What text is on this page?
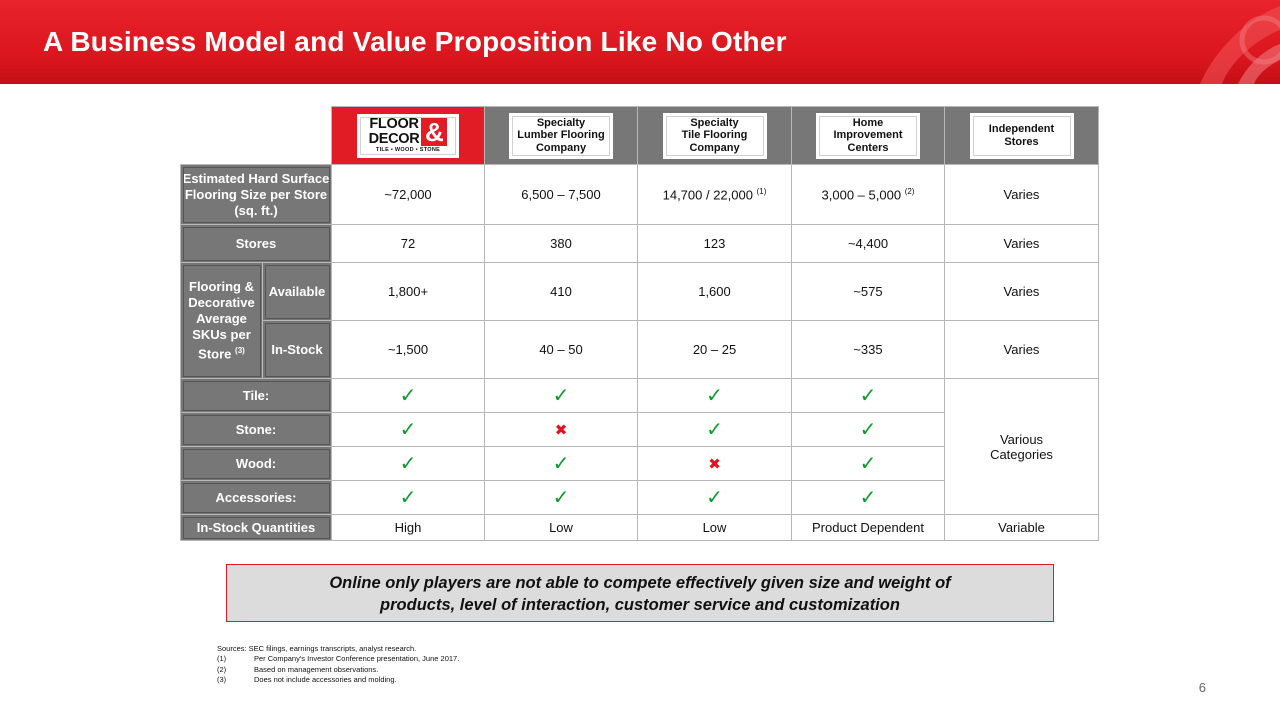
A Business Model and Value Proposition Like No Other

		FLOOR
DECOR &
TILE • WOOD • STONE	Specialty
Lumber Flooring
Company	Specialty
Tile Flooring
Company	Home
Improvement
Centers	Independent
Stores

Estimated Hard Surface
Flooring Size per Store
(sq. ft.)		~72,000	6,500 – 7,500	14,700 / 22,000 $^{(1)}$	3,000 – 5,000 $^{(2)}$	Varies
Stores		72	380	123	~4,400	Varies

Flooring &
Decorative
Average
SKUs per
Store $^{(3)}$	Available	1,800+	410	1,600	~575	Varies
	In-Stock	~1,500	40 – 50	20 – 25	~335	Varies
Tile:		✓	✓	✓	✓	Various
Categories

Stone:		✓	✖	✓	✓	
Wood:		✓	✓	✖	✓	
Accessories:		✓	✓	✓	✓	
In-Stock Quantities		High	Low	Low	Product Dependent	Variable
Online only players are not able to compete effectively given size and weight of
products, level of interaction, customer service and customization
Sources: SEC filings, earnings transcripts, analyst research.
(1)	Per Company's Investor Conference presentation, June 2017.
(2)	Based on management observations.
(3)	Does not include accessories and molding.
6
